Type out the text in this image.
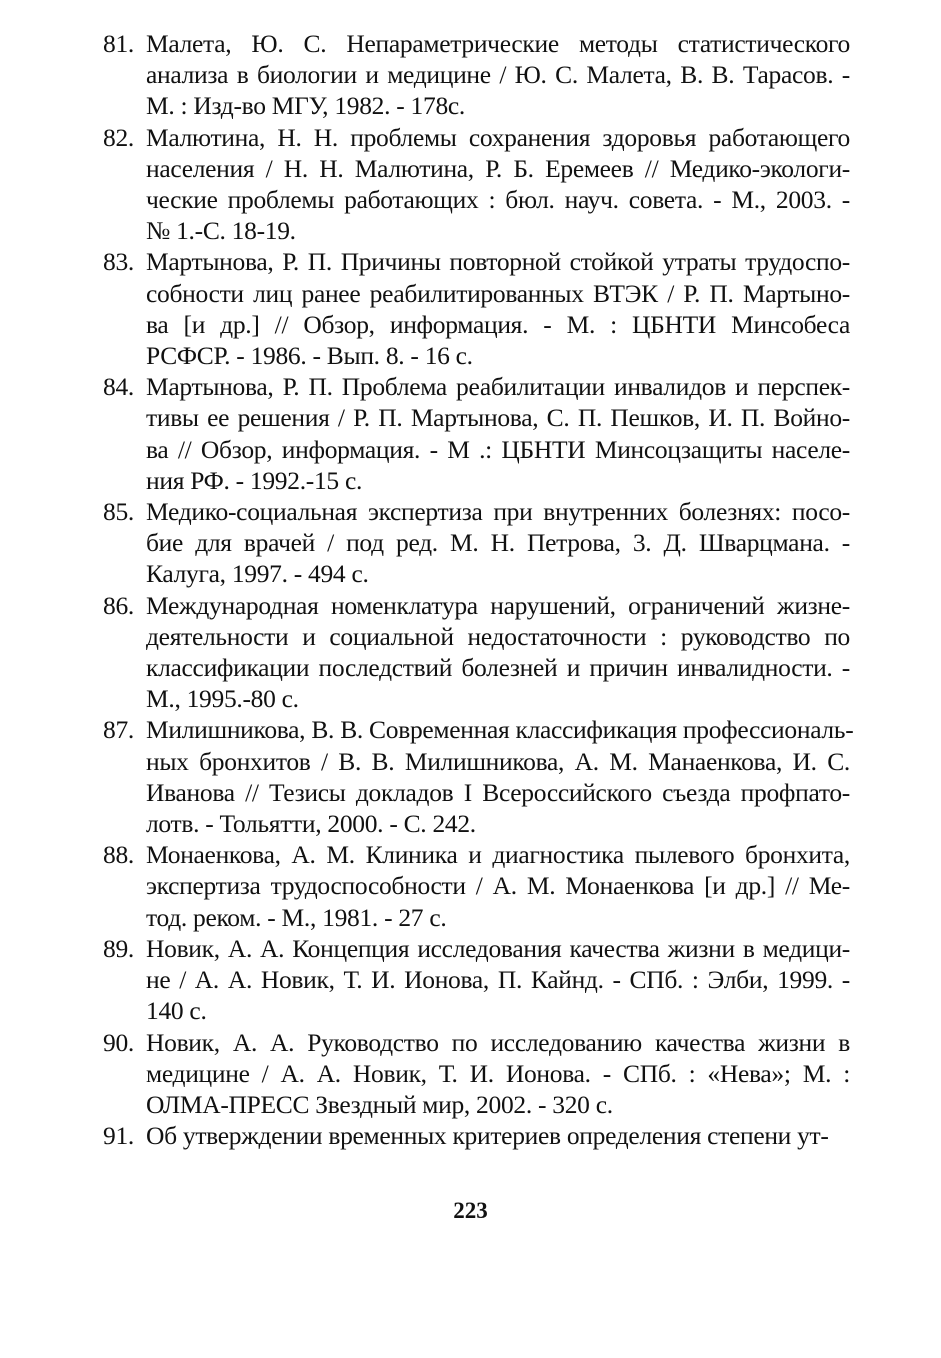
81. Малета, Ю. С. Непараметрические методы статистического
анализа в биологии и медицине / Ю. С. Малета, В. В. Тарасов. -
М. : Изд-во МГУ, 1982. - 178с.
82. Малютина, Н. Н. проблемы сохранения здоровья работающего
населения / Н. Н. Малютина, Р. Б. Еремеев // Медико-экологи-
ческие проблемы работающих : бюл. науч. совета. - М., 2003. -
№ 1.-С. 18-19.
83. Мартынова, Р. П. Причины повторной стойкой утраты трудоспо-
собности лиц ранее реабилитированных ВТЭК / Р. П. Мартыно-
ва [и др.] // Обзор, информация. - М. : ЦБНТИ Минсобеса
РСФСР. - 1986. - Вып. 8. - 16 с.
84. Мартынова, Р. П. Проблема реабилитации инвалидов и перспек-
тивы ее решения / Р. П. Мартынова, С. П. Пешков, И. П. Войно-
ва // Обзор, информация. - М .: ЦБНТИ Минсоцзащиты населе-
ния РФ. - 1992.-15 с.
85. Медико-социальная экспертиза при внутренних болезнях: посо-
бие для врачей / под ред. М. Н. Петрова, 3. Д. Шварцмана. -
Калуга, 1997. - 494 с.
86. Международная номенклатура нарушений, ограничений жизне-
деятельности и социальной недостаточности : руководство по
классификации последствий болезней и причин инвалидности. -
М., 1995.-80 с.
87. Милишникова, В. В. Современная классификация профессиональ-
ных бронхитов / В. В. Милишникова, А. М. Манаенкова, И. С.
Иванова // Тезисы докладов I Всероссийского съезда профпато-
лотв. - Тольятти, 2000. - С. 242.
88. Монаенкова, А. М. Клиника и диагностика пылевого бронхита,
экспертиза трудоспособности / А. М. Монаенкова [и др.] // Ме-
тод. реком. - М., 1981. - 27 с.
89. Новик, А. А. Концепция исследования качества жизни в медици-
не / А. А. Новик, Т. И. Ионова, П. Кайнд. - СПб. : Элби, 1999. -
140 с.
90. Новик, А. А. Руководство по исследованию качества жизни в
медицине / А. А. Новик, Т. И. Ионова. - СПб. : «Нева»; М. :
ОЛМА-ПРЕСС Звездный мир, 2002. - 320 с.
91. Об утверждении временных критериев определения степени ут-
223
